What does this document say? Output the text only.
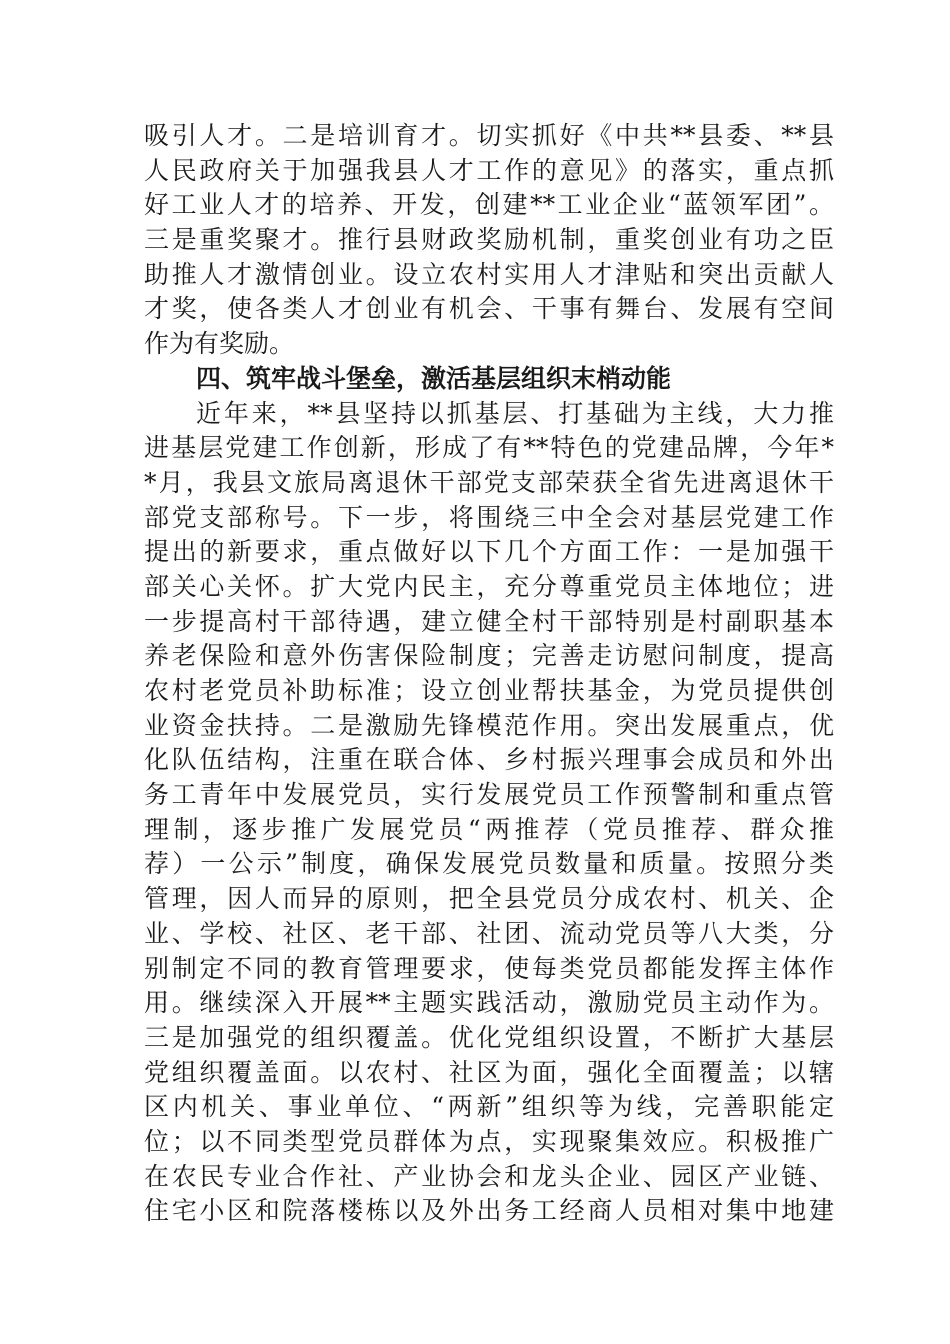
吸引人才。二是培训育才。切实抓好《中共**县委、**县
人民政府关于加强我县人才工作的意见》的落实，重点抓
好工业人才的培养、开发，创建**工业企业“蓝领军团”。
三是重奖聚才。推行县财政奖励机制，重奖创业有功之臣
助推人才激情创业。设立农村实用人才津贴和突出贡献人
才奖，使各类人才创业有机会、干事有舞台、发展有空间
作为有奖励。
四、筑牢战斗堡垒，激活基层组织末梢动能
近年来，**县坚持以抓基层、打基础为主线，大力推
进基层党建工作创新，形成了有**特色的党建品牌，今年*
*月，我县文旅局离退休干部党支部荣获全省先进离退休干
部党支部称号。下一步，将围绕三中全会对基层党建工作
提出的新要求，重点做好以下几个方面工作：一是加强干
部关心关怀。扩大党内民主，充分尊重党员主体地位；进
一步提高村干部待遇，建立健全村干部特别是村副职基本
养老保险和意外伤害保险制度；完善走访慰问制度，提高
农村老党员补助标准；设立创业帮扶基金，为党员提供创
业资金扶持。二是激励先锋模范作用。突出发展重点，优
化队伍结构，注重在联合体、乡村振兴理事会成员和外出
务工青年中发展党员，实行发展党员工作预警制和重点管
理制，逐步推广发展党员“两推荐（党员推荐、群众推
荐）一公示”制度，确保发展党员数量和质量。按照分类
管理，因人而异的原则，把全县党员分成农村、机关、企
业、学校、社区、老干部、社团、流动党员等八大类，分
别制定不同的教育管理要求，使每类党员都能发挥主体作
用。继续深入开展**主题实践活动，激励党员主动作为。
三是加强党的组织覆盖。优化党组织设置，不断扩大基层
党组织覆盖面。以农村、社区为面，强化全面覆盖；以辖
区内机关、事业单位、“两新”组织等为线，完善职能定
位；以不同类型党员群体为点，实现聚集效应。积极推广
在农民专业合作社、产业协会和龙头企业、园区产业链、
住宅小区和院落楼栋以及外出务工经商人员相对集中地建
